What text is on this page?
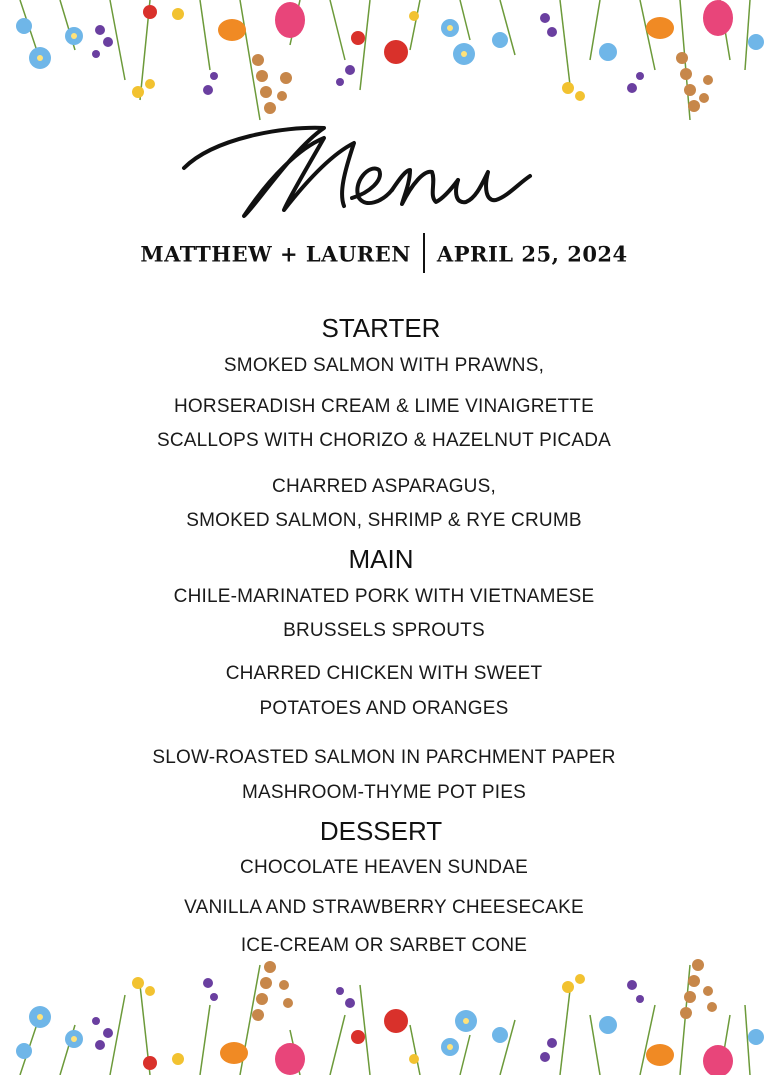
MATTHEW + LAUREN APRIL 25, 2024
STARTER
SMOKED SALMON WITH PRAWNS,
HORSERADISH CREAM & LIME VINAIGRETTE
SCALLOPS WITH CHORIZO & HAZELNUT PICADA
CHARRED ASPARAGUS,
SMOKED SALMON, SHRIMP & RYE CRUMB
MAIN
CHILE-MARINATED PORK WITH VIETNAMESE
BRUSSELS SPROUTS
CHARRED CHICKEN WITH SWEET
POTATOES AND ORANGES
SLOW-ROASTED SALMON IN PARCHMENT PAPER
MASHROOM-THYME POT PIES
DESSERT
CHOCOLATE HEAVEN SUNDAE
VANILLA AND STRAWBERRY CHEESECAKE
ICE-CREAM OR SARBET CONE
